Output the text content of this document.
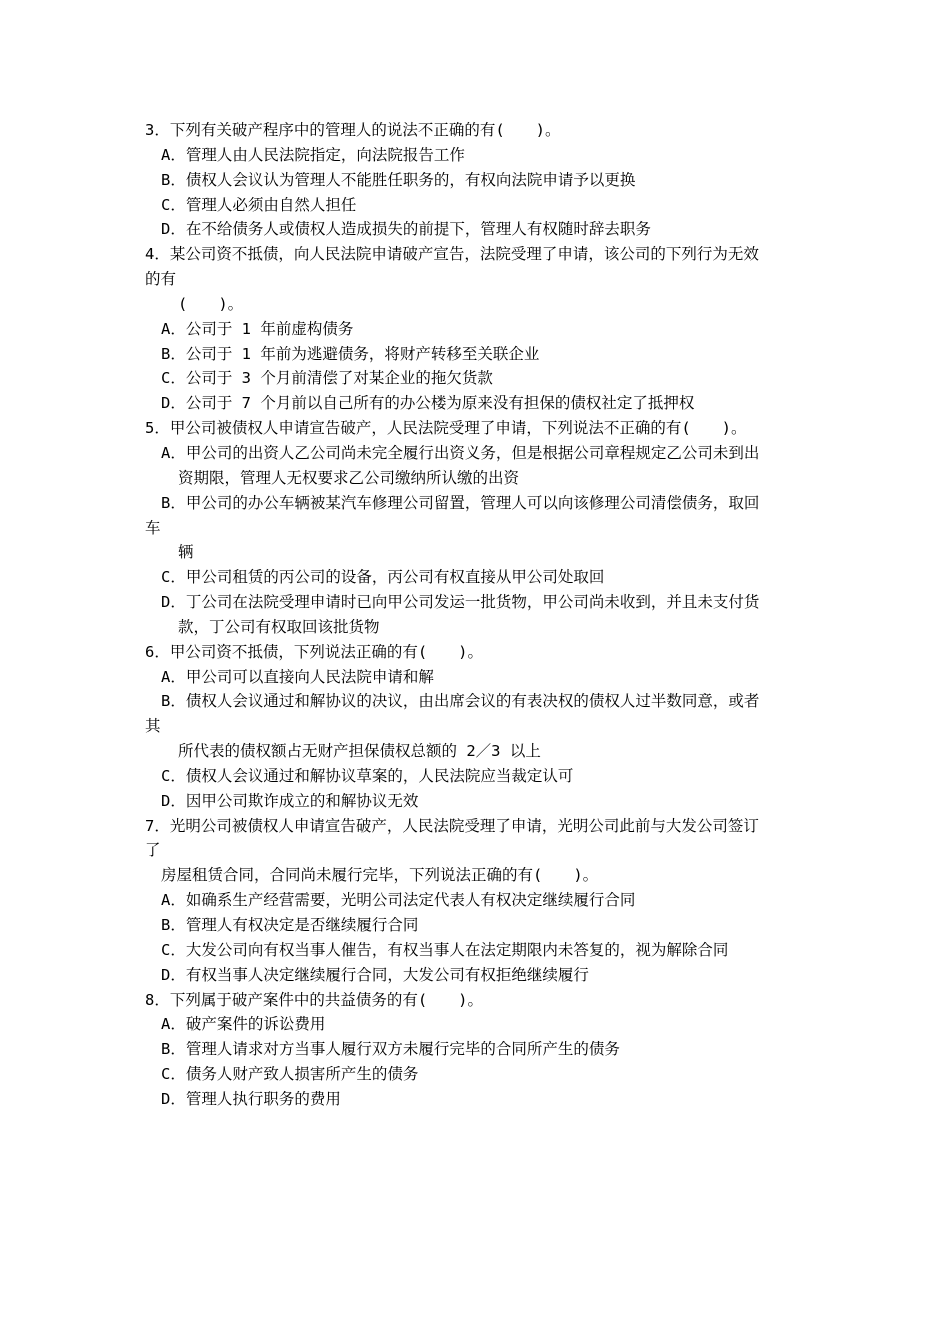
3．下列有关破产程序中的管理人的说法不正确的有(　　)。
A．管理人由人民法院指定，向法院报告工作
B．债权人会议认为管理人不能胜任职务的，有权向法院申请予以更换
C．管理人必须由自然人担任
D．在不给债务人或债权人造成损失的前提下，管理人有权随时辞去职务
4．某公司资不抵债，向人民法院申请破产宣告，法院受理了申请，该公司的下列行为无效
的有
(　　)。
A．公司于 1 年前虚构债务
B．公司于 1 年前为逃避债务，将财产转移至关联企业
C．公司于 3 个月前清偿了对某企业的拖欠货款
D．公司于 7 个月前以自己所有的办公楼为原来没有担保的债权社定了抵押权
5．甲公司被债权人申请宣告破产，人民法院受理了申请，下列说法不正确的有(　　)。
A．甲公司的出资人乙公司尚未完全履行出资义务，但是根据公司章程规定乙公司未到出
资期限，管理人无权要求乙公司缴纳所认缴的出资
B．甲公司的办公车辆被某汽车修理公司留置，管理人可以向该修理公司清偿债务，取回
车
辆
C．甲公司租赁的丙公司的设备，丙公司有权直接从甲公司处取回
D．丁公司在法院受理申请时已向甲公司发运一批货物，甲公司尚未收到，并且未支付货
款，丁公司有权取回该批货物
6．甲公司资不抵债，下列说法正确的有(　　)。
A．甲公司可以直接向人民法院申请和解
B．债权人会议通过和解协议的决议，由出席会议的有表决权的债权人过半数同意，或者
其
所代表的债权额占无财产担保债权总额的 2／3 以上
C．债权人会议通过和解协议草案的，人民法院应当裁定认可
D．因甲公司欺诈成立的和解协议无效
7．光明公司被债权人申请宣告破产，人民法院受理了申请，光明公司此前与大发公司签订
了
房屋租赁合同，合同尚未履行完毕，下列说法正确的有(　　)。
A．如确系生产经营需要，光明公司法定代表人有权决定继续履行合同
B．管理人有权决定是否继续履行合同
C．大发公司向有权当事人催告，有权当事人在法定期限内未答复的，视为解除合同
D．有权当事人决定继续履行合同，大发公司有权拒绝继续履行
8．下列属于破产案件中的共益债务的有(　　)。
A．破产案件的诉讼费用
B．管理人请求对方当事人履行双方未履行完毕的合同所产生的债务
C．债务人财产致人损害所产生的债务
D．管理人执行职务的费用
